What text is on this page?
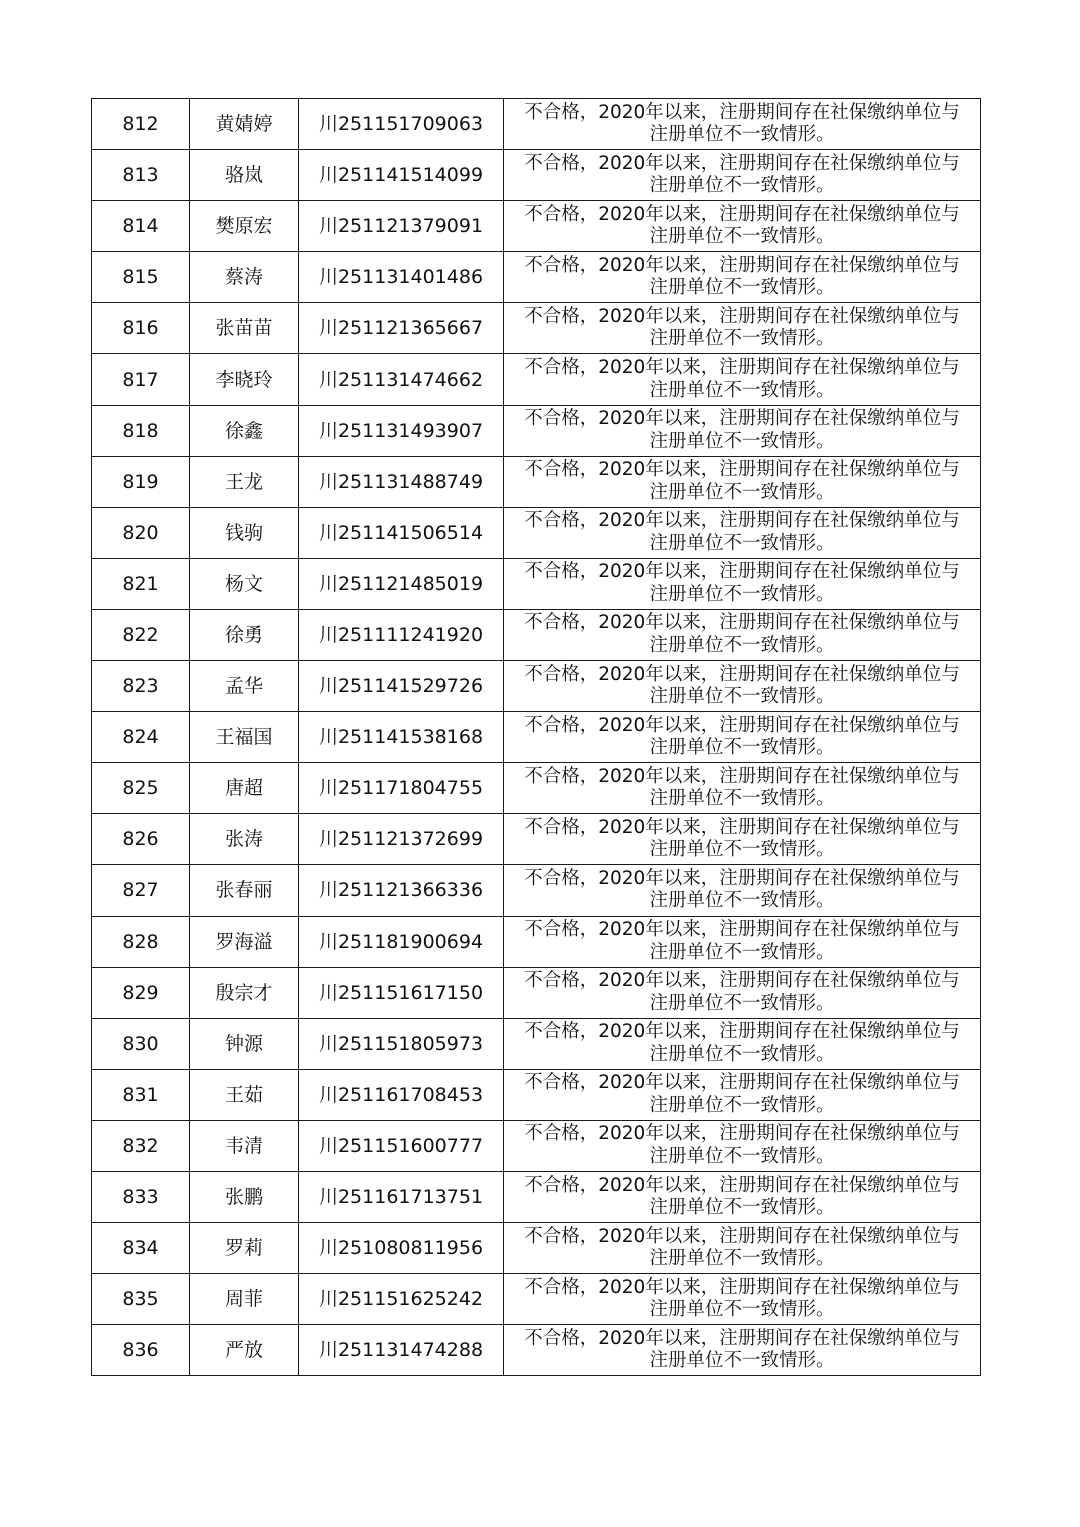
812	黄婧婷	川251151709063	不合格，2020年以来，注册期间存在社保缴纳单位与
注册单位不一致情形。
813	骆岚	川251141514099	不合格，2020年以来，注册期间存在社保缴纳单位与
注册单位不一致情形。
814	樊原宏	川251121379091	不合格，2020年以来，注册期间存在社保缴纳单位与
注册单位不一致情形。
815	蔡涛	川251131401486	不合格，2020年以来，注册期间存在社保缴纳单位与
注册单位不一致情形。
816	张苗苗	川251121365667	不合格，2020年以来，注册期间存在社保缴纳单位与
注册单位不一致情形。
817	李晓玲	川251131474662	不合格，2020年以来，注册期间存在社保缴纳单位与
注册单位不一致情形。
818	徐鑫	川251131493907	不合格，2020年以来，注册期间存在社保缴纳单位与
注册单位不一致情形。
819	王龙	川251131488749	不合格，2020年以来，注册期间存在社保缴纳单位与
注册单位不一致情形。
820	钱驹	川251141506514	不合格，2020年以来，注册期间存在社保缴纳单位与
注册单位不一致情形。
821	杨文	川251121485019	不合格，2020年以来，注册期间存在社保缴纳单位与
注册单位不一致情形。
822	徐勇	川251111241920	不合格，2020年以来，注册期间存在社保缴纳单位与
注册单位不一致情形。
823	孟华	川251141529726	不合格，2020年以来，注册期间存在社保缴纳单位与
注册单位不一致情形。
824	王福国	川251141538168	不合格，2020年以来，注册期间存在社保缴纳单位与
注册单位不一致情形。
825	唐超	川251171804755	不合格，2020年以来，注册期间存在社保缴纳单位与
注册单位不一致情形。
826	张涛	川251121372699	不合格，2020年以来，注册期间存在社保缴纳单位与
注册单位不一致情形。
827	张春丽	川251121366336	不合格，2020年以来，注册期间存在社保缴纳单位与
注册单位不一致情形。
828	罗海溢	川251181900694	不合格，2020年以来，注册期间存在社保缴纳单位与
注册单位不一致情形。
829	殷宗才	川251151617150	不合格，2020年以来，注册期间存在社保缴纳单位与
注册单位不一致情形。
830	钟源	川251151805973	不合格，2020年以来，注册期间存在社保缴纳单位与
注册单位不一致情形。
831	王茹	川251161708453	不合格，2020年以来，注册期间存在社保缴纳单位与
注册单位不一致情形。
832	韦清	川251151600777	不合格，2020年以来，注册期间存在社保缴纳单位与
注册单位不一致情形。
833	张鹏	川251161713751	不合格，2020年以来，注册期间存在社保缴纳单位与
注册单位不一致情形。
834	罗莉	川251080811956	不合格，2020年以来，注册期间存在社保缴纳单位与
注册单位不一致情形。
835	周菲	川251151625242	不合格，2020年以来，注册期间存在社保缴纳单位与
注册单位不一致情形。
836	严放	川251131474288	不合格，2020年以来，注册期间存在社保缴纳单位与
注册单位不一致情形。
